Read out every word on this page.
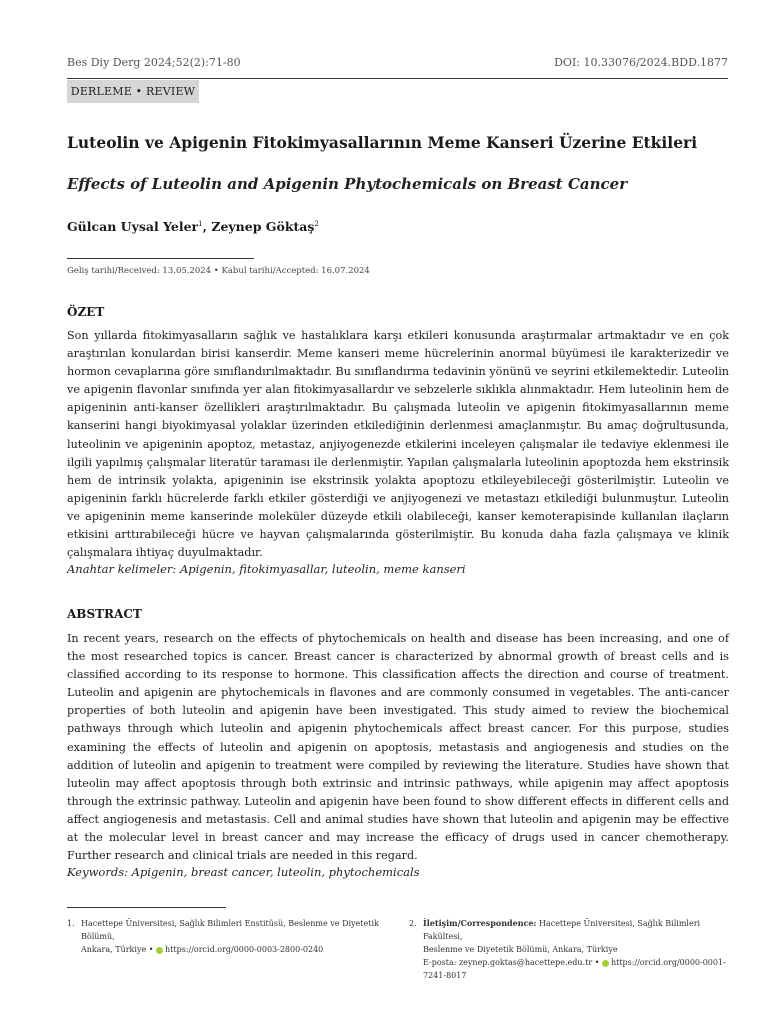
Bes Diy Derg 2024;52(2):71-80	DOI: 10.33076/2024.BDD.1877
DERLEME • REVIEW
Luteolin ve Apigenin Fitokimyasallarının Meme Kanseri Üzerine Etkileri
Effects of Luteolin and Apigenin Phytochemicals on Breast Cancer
Gülcan Uysal Yeler$^1$, Zeynep Göktaş$^2$
Geliş tarihi/Received: 13.05.2024 • Kabul tarihi/Accepted: 16.07.2024
ÖZET

Son yıllarda fitokimyasalların sağlık ve hastalıklara karşı etkileri konusunda araştırmalar artmaktadır ve en çok araştırılan konulardan birisi kanserdir. Meme kanseri meme hücrelerinin anormal büyümesi ile karakterizedir ve hormon cevaplarına göre sınıflandırılmaktadır. Bu sınıflandırma tedavinin yönünü ve seyrini etkilemektedir. Luteolin ve apigenin flavonlar sınıfında yer alan fitokimyasallardır ve sebzelerle sıklıkla alınmaktadır. Hem luteolinin hem de apigeninin anti-kanser özellikleri araştırılmaktadır. Bu çalışmada luteolin ve apigenin fitokimyasallarının meme kanserini hangi biyokimyasal yolaklar üzerinden etkilediğinin derlenmesi amaçlanmıştır. Bu amaç doğrultusunda, luteolinin ve apigeninin apoptoz, metastaz, anjiyogenezde etkilerini inceleyen çalışmalar ile tedaviye eklenmesi ile ilgili yapılmış çalışmalar literatür taraması ile derlenmiştir. Yapılan çalışmalarla luteolinin apoptozda hem ekstrinsik hem de intrinsik yolakta, apigeninin ise ekstrinsik yolakta apoptozu etkileyebileceği gösterilmiştir. Luteolin ve apigeninin farklı hücrelerde farklı etkiler gösterdiği ve anjiyogenezi ve metastazı etkilediği bulunmuştur. Luteolin ve apigeninin meme kanserinde moleküler düzeyde etkili olabileceği, kanser kemoterapisinde kullanılan ilaçların etkisini arttırabileceği hücre ve hayvan çalışmalarında gösterilmiştir. Bu konuda daha fazla çalışmaya ve klinik çalışmalara ihtiyaç duyulmaktadır.

Anahtar kelimeler: Apigenin, fitokimyasallar, luteolin, meme kanseri
ABSTRACT

In recent years, research on the effects of phytochemicals on health and disease has been increasing, and one of the most researched topics is cancer. Breast cancer is characterized by abnormal growth of breast cells and is classified according to its response to hormone. This classification affects the direction and course of treatment. Luteolin and apigenin are phytochemicals in flavones and are commonly consumed in vegetables. The anti-cancer properties of both luteolin and apigenin have been investigated. This study aimed to review the biochemical pathways through which luteolin and apigenin phytochemicals affect breast cancer. For this purpose, studies examining the effects of luteolin and apigenin on apoptosis, metastasis and angiogenesis and studies on the addition of luteolin and apigenin to treatment were compiled by reviewing the literature. Studies have shown that luteolin may affect apoptosis through both extrinsic and intrinsic pathways, while apigenin may affect apoptosis through the extrinsic pathway. Luteolin and apigenin have been found to show different effects in different cells and affect angiogenesis and metastasis. Cell and animal studies have shown that luteolin and apigenin may be effective at the molecular level in breast cancer and may increase the efficacy of drugs used in cancer chemotherapy. Further research and clinical trials are needed in this regard.

Keywords: Apigenin, breast cancer, luteolin, phytochemicals
1. Hacettepe Üniversitesi, Sağlık Bilimleri Enstitüsü, Beslenme ve Diyetetik Bölümü,
Ankara, Türkiye • https://orcid.org/0000-0003-2800-0240
2. İletişim/Correspondence: Hacettepe Üniversitesi, Sağlık Bilimleri Fakültesi,
Beslenme ve Diyetetik Bölümü, Ankara, Türkiye
E-posta: zeynep.goktas@hacettepe.edu.tr • https://orcid.org/0000-0001-7241-8017
